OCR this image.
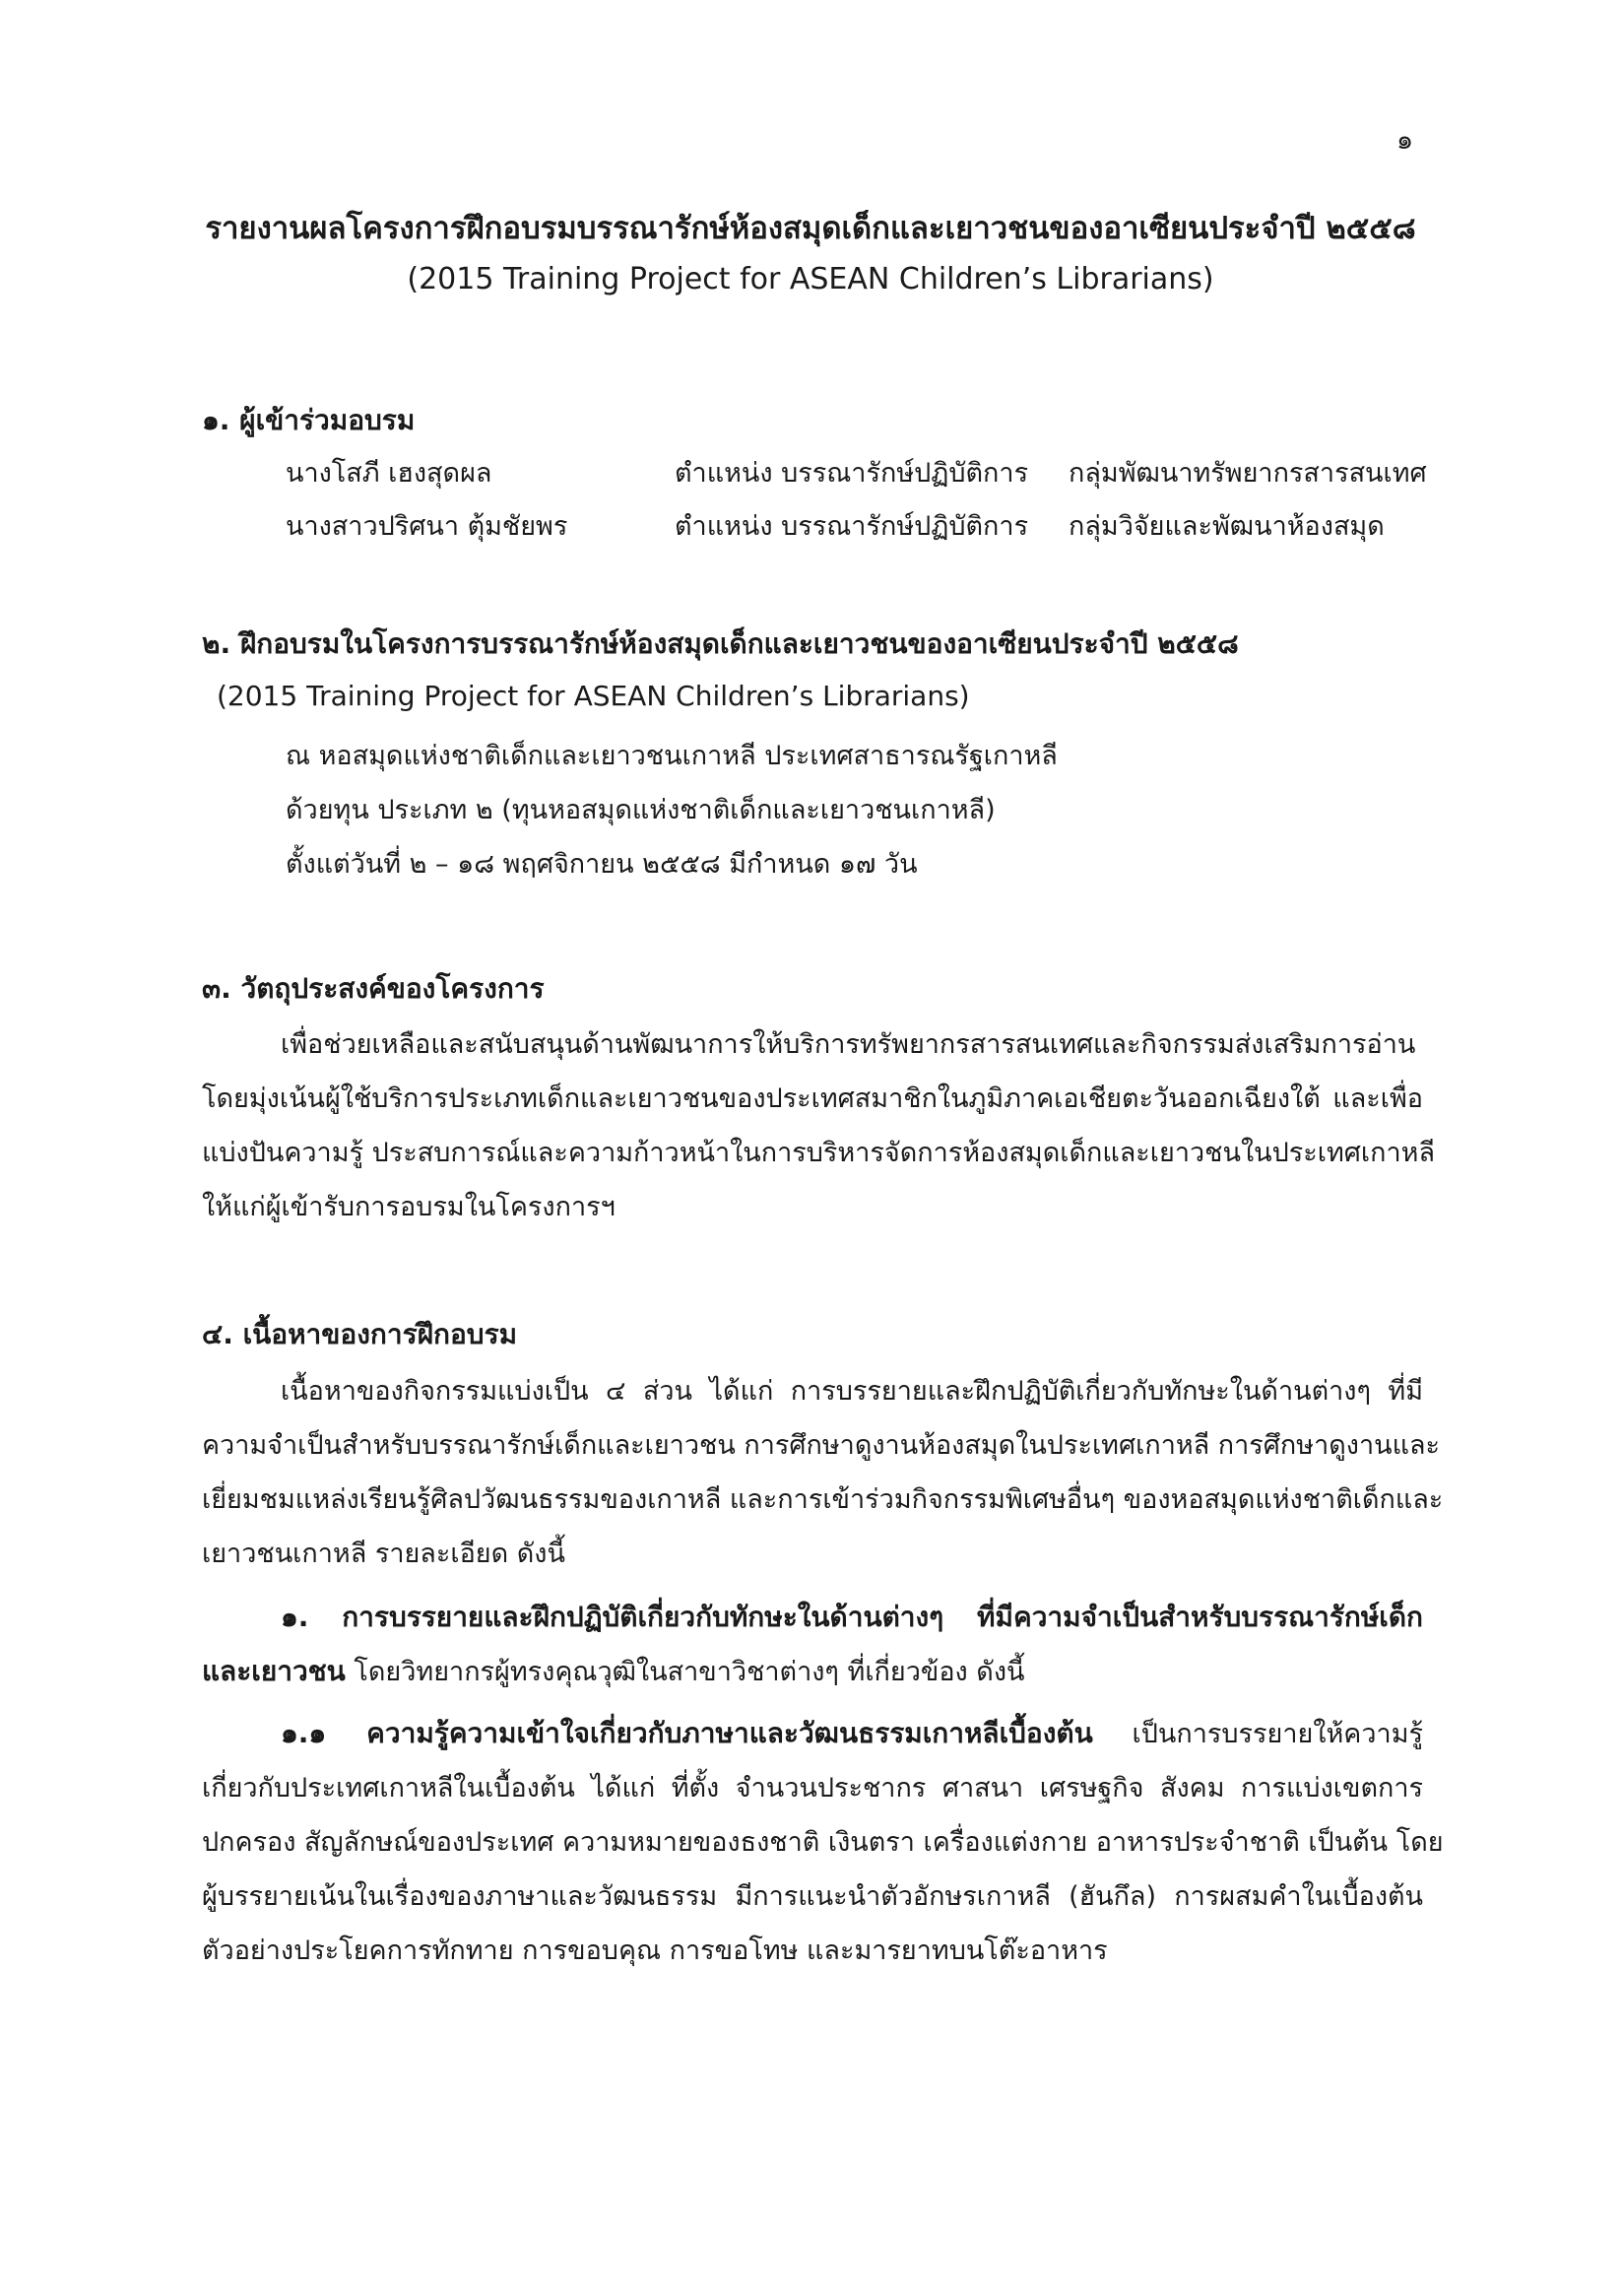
๑
รายงานผลโครงการฝึกอบรมบรรณารักษ์ห้องสมุดเด็กและเยาวชนของอาเซียนประจำปี ๒๕๕๘
(2015 Training Project for ASEAN Children’s Librarians)
๑. ผู้เข้าร่วมอบรม
นางโสภี เฮงสุดผล	ตำแหน่ง บรรณารักษ์ปฏิบัติการ กลุ่มพัฒนาทรัพยากรสารสนเทศ
นางสาวปริศนา ตุ้มชัยพร	ตำแหน่ง บรรณารักษ์ปฏิบัติการ กลุ่มวิจัยและพัฒนาห้องสมุด
๒. ฝึกอบรมในโครงการบรรณารักษ์ห้องสมุดเด็กและเยาวชนของอาเซียนประจำปี ๒๕๕๘
(2015 Training Project for ASEAN Children’s Librarians)
ณ หอสมุดแห่งชาติเด็กและเยาวชนเกาหลี ประเทศสาธารณรัฐเกาหลี
ด้วยทุน ประเภท ๒ (ทุนหอสมุดแห่งชาติเด็กและเยาวชนเกาหลี)
ตั้งแต่วันที่ ๒ – ๑๘ พฤศจิกายน ๒๕๕๘ มีกำหนด ๑๗ วัน
๓. วัตถุประสงค์ของโครงการ
เพื่อช่วยเหลือและสนับสนุนด้านพัฒนาการให้บริการทรัพยากรสารสนเทศและกิจกรรมส่งเสริมการอ่าน
โดยมุ่งเน้นผู้ใช้บริการประเภทเด็กและเยาวชนของประเทศสมาชิกในภูมิภาคเอเชียตะวันออกเฉียงใต้ และเพื่อ
แบ่งปันความรู้ ประสบการณ์และความก้าวหน้าในการบริหารจัดการห้องสมุดเด็กและเยาวชนในประเทศเกาหลี
ให้แก่ผู้เข้ารับการอบรมในโครงการฯ
๔. เนื้อหาของการฝึกอบรม
เนื้อหาของกิจกรรมแบ่งเป็น ๔ ส่วน ได้แก่ การบรรยายและฝึกปฏิบัติเกี่ยวกับทักษะในด้านต่างๆ ที่มี
ความจำเป็นสำหรับบรรณารักษ์เด็กและเยาวชน การศึกษาดูงานห้องสมุดในประเทศเกาหลี การศึกษาดูงานและ
เยี่ยมชมแหล่งเรียนรู้ศิลปวัฒนธรรมของเกาหลี และการเข้าร่วมกิจกรรมพิเศษอื่นๆ ของหอสมุดแห่งชาติเด็กและ
เยาวชนเกาหลี รายละเอียด ดังนี้
๑. การบรรยายและฝึกปฏิบัติเกี่ยวกับทักษะในด้านต่างๆ ที่มีความจำเป็นสำหรับบรรณารักษ์เด็ก
และเยาวชน โดยวิทยากรผู้ทรงคุณวุฒิในสาขาวิชาต่างๆ ที่เกี่ยวข้อง ดังนี้
๑.๑ ความรู้ความเข้าใจเกี่ยวกับภาษาและวัฒนธรรมเกาหลีเบื้องต้น เป็นการบรรยายให้ความรู้
เกี่ยวกับประเทศเกาหลีในเบื้องต้น ได้แก่ ที่ตั้ง จำนวนประชากร ศาสนา เศรษฐกิจ สังคม การแบ่งเขตการ
ปกครอง สัญลักษณ์ของประเทศ ความหมายของธงชาติ เงินตรา เครื่องแต่งกาย อาหารประจำชาติ เป็นต้น โดย
ผู้บรรยายเน้นในเรื่องของภาษาและวัฒนธรรม มีการแนะนำตัวอักษรเกาหลี (ฮันกึล) การผสมคำในเบื้องต้น
ตัวอย่างประโยคการทักทาย การขอบคุณ การขอโทษ และมารยาทบนโต๊ะอาหาร
